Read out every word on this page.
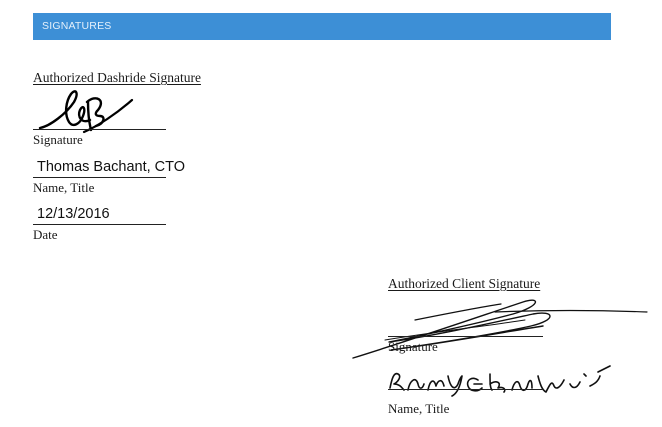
SIGNATURES
Authorized Dashride Signature
Signature
Thomas Bachant, CTO
Name, Title
12/13/2016
Date
Authorized Client Signature
Signature
Name, Title
